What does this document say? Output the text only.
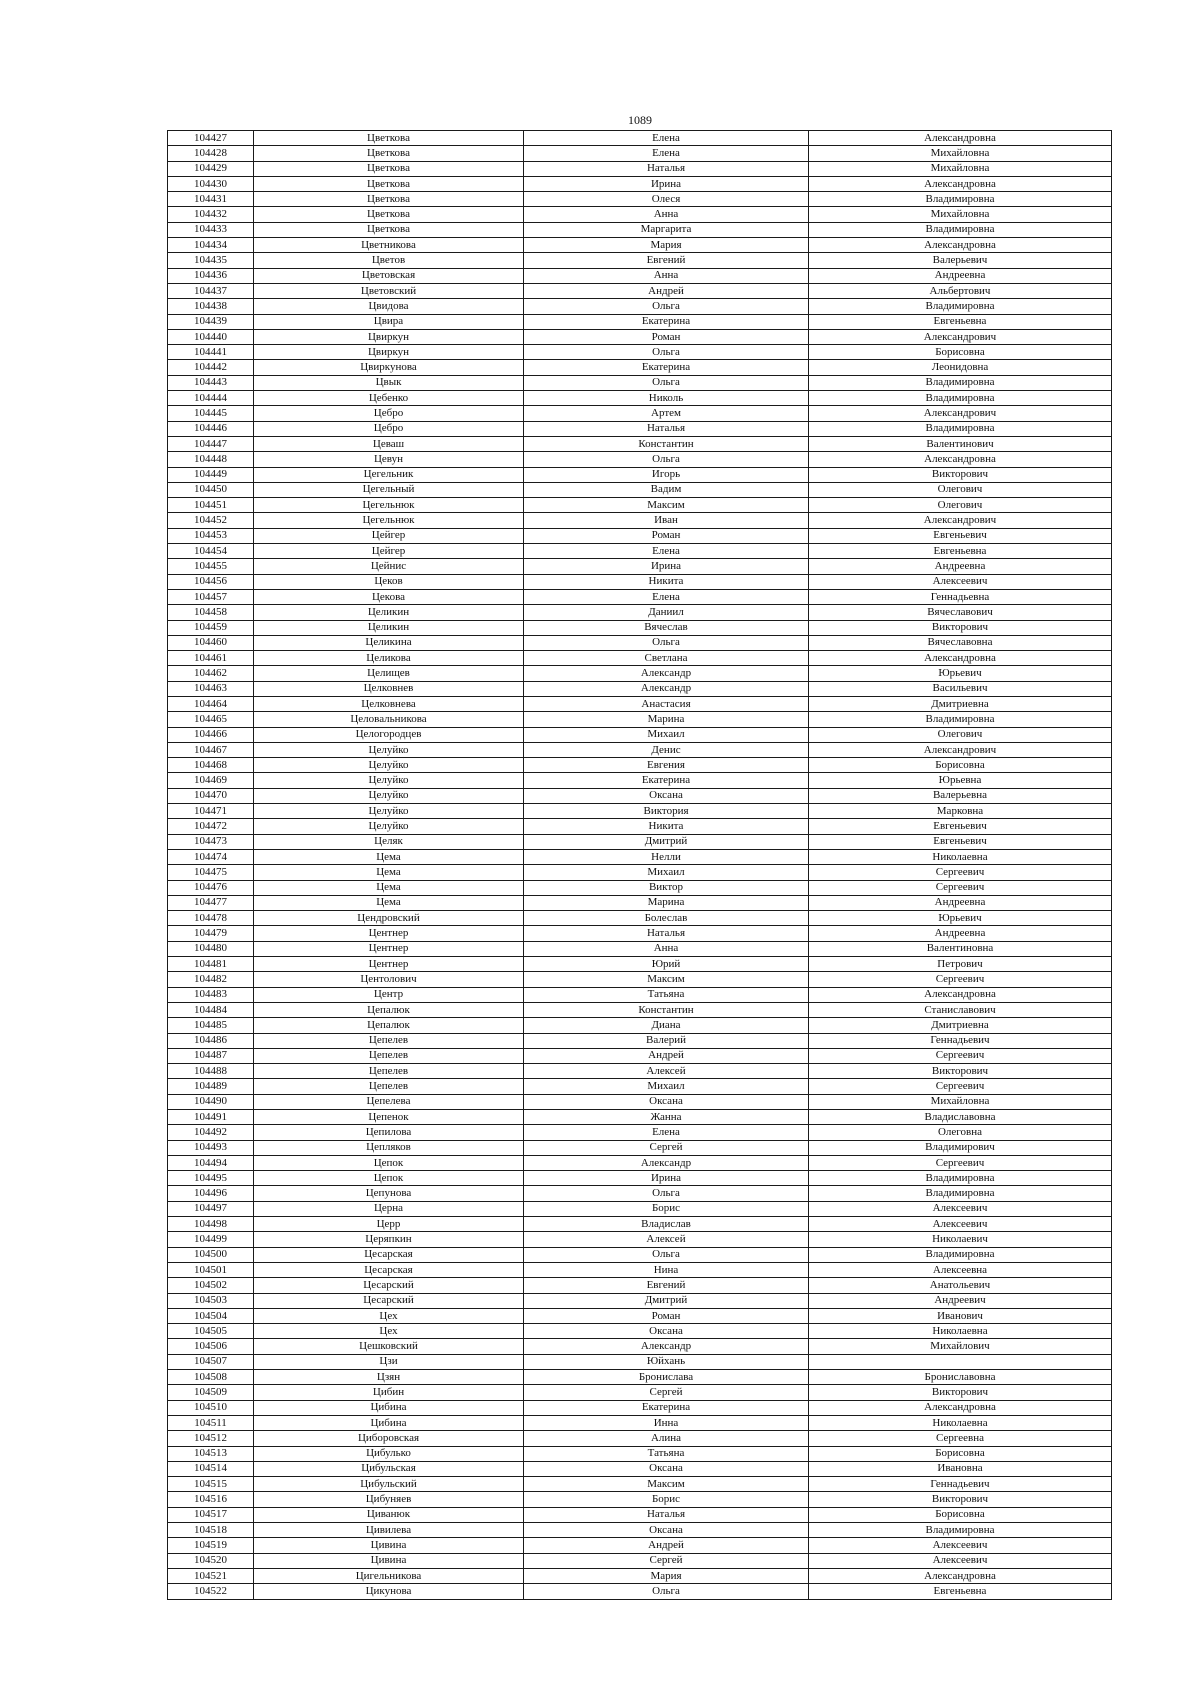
1089
104427	Цветкова	Елена	Александровна
104428	Цветкова	Елена	Михайловна
104429	Цветкова	Наталья	Михайловна
104430	Цветкова	Ирина	Александровна
104431	Цветкова	Олеся	Владимировна
104432	Цветкова	Анна	Михайловна
104433	Цветкова	Маргарита	Владимировна
104434	Цветникова	Мария	Александровна
104435	Цветов	Евгений	Валерьевич
104436	Цветовская	Анна	Андреевна
104437	Цветовский	Андрей	Альбертович
104438	Цвидова	Ольга	Владимировна
104439	Цвира	Екатерина	Евгеньевна
104440	Цвиркун	Роман	Александрович
104441	Цвиркун	Ольга	Борисовна
104442	Цвиркунова	Екатерина	Леонидовна
104443	Цвык	Ольга	Владимировна
104444	Цебенко	Николь	Владимировна
104445	Цебро	Артем	Александрович
104446	Цебро	Наталья	Владимировна
104447	Цеваш	Константин	Валентинович
104448	Цевун	Ольга	Александровна
104449	Цегельник	Игорь	Викторович
104450	Цегельный	Вадим	Олегович
104451	Цегельнюк	Максим	Олегович
104452	Цегельнюк	Иван	Александрович
104453	Цейгер	Роман	Евгеньевич
104454	Цейгер	Елена	Евгеньевна
104455	Цейнис	Ирина	Андреевна
104456	Цеков	Никита	Алексеевич
104457	Цекова	Елена	Геннадьевна
104458	Целикин	Даниил	Вячеславович
104459	Целикин	Вячеслав	Викторович
104460	Целикина	Ольга	Вячеславовна
104461	Целикова	Светлана	Александровна
104462	Целищев	Александр	Юрьевич
104463	Целковнев	Александр	Васильевич
104464	Целковнева	Анастасия	Дмитриевна
104465	Целовальникова	Марина	Владимировна
104466	Целогородцев	Михаил	Олегович
104467	Целуйко	Денис	Александрович
104468	Целуйко	Евгения	Борисовна
104469	Целуйко	Екатерина	Юрьевна
104470	Целуйко	Оксана	Валерьевна
104471	Целуйко	Виктория	Марковна
104472	Целуйко	Никита	Евгеньевич
104473	Целяк	Дмитрий	Евгеньевич
104474	Цема	Нелли	Николаевна
104475	Цема	Михаил	Сергеевич
104476	Цема	Виктор	Сергеевич
104477	Цема	Марина	Андреевна
104478	Цендровский	Болеслав	Юрьевич
104479	Центнер	Наталья	Андреевна
104480	Центнер	Анна	Валентиновна
104481	Центнер	Юрий	Петрович
104482	Центолович	Максим	Сергеевич
104483	Центр	Татьяна	Александровна
104484	Цепалюк	Константин	Станиславович
104485	Цепалюк	Диана	Дмитриевна
104486	Цепелев	Валерий	Геннадьевич
104487	Цепелев	Андрей	Сергеевич
104488	Цепелев	Алексей	Викторович
104489	Цепелев	Михаил	Сергеевич
104490	Цепелева	Оксана	Михайловна
104491	Цепенок	Жанна	Владиславовна
104492	Цепилова	Елена	Олеговна
104493	Цепляков	Сергей	Владимирович
104494	Цепок	Александр	Сергеевич
104495	Цепок	Ирина	Владимировна
104496	Цепунова	Ольга	Владимировна
104497	Церна	Борис	Алексеевич
104498	Церр	Владислав	Алексеевич
104499	Церяпкин	Алексей	Николаевич
104500	Цесарская	Ольга	Владимировна
104501	Цесарская	Нина	Алексеевна
104502	Цесарский	Евгений	Анатольевич
104503	Цесарский	Дмитрий	Андреевич
104504	Цех	Роман	Иванович
104505	Цех	Оксана	Николаевна
104506	Цешковский	Александр	Михайлович
104507	Цзи	Юйхань	
104508	Цзян	Бронислава	Брониславовна
104509	Цибин	Сергей	Викторович
104510	Цибина	Екатерина	Александровна
104511	Цибина	Инна	Николаевна
104512	Циборовская	Алина	Сергеевна
104513	Цибулько	Татьяна	Борисовна
104514	Цибульская	Оксана	Ивановна
104515	Цибульский	Максим	Геннадьевич
104516	Цибуняев	Борис	Викторович
104517	Циванюк	Наталья	Борисовна
104518	Цивилева	Оксана	Владимировна
104519	Цивина	Андрей	Алексеевич
104520	Цивина	Сергей	Алексеевич
104521	Цигельникова	Мария	Александровна
104522	Цикунова	Ольга	Евгеньевна
